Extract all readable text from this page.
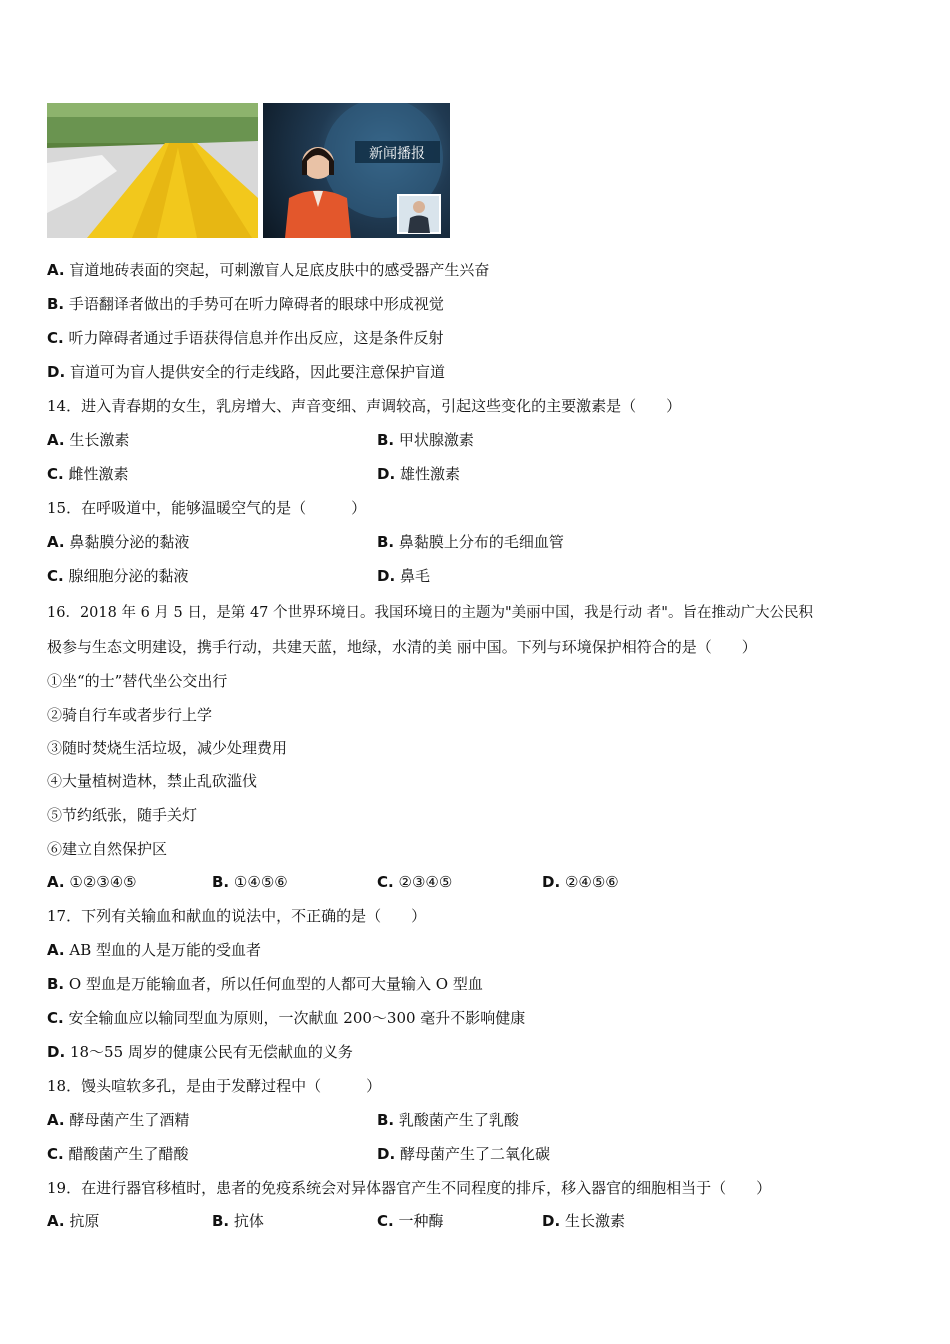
新闻播报
A. 盲道地砖表面的突起，可刺激盲人足底皮肤中的感受器产生兴奋
B. 手语翻译者做出的手势可在听力障碍者的眼球中形成视觉
C. 听力障碍者通过手语获得信息并作出反应，这是条件反射
D. 盲道可为盲人提供安全的行走线路，因此要注意保护盲道
14．进入青春期的女生，乳房增大、声音变细、声调较高，引起这些变化的主要激素是（　　）
A. 生长激素	B. 甲状腺激素
C. 雌性激素	D. 雄性激素
15．在呼吸道中，能够温暖空气的是（　　　）
A. 鼻黏膜分泌的黏液	B. 鼻黏膜上分布的毛细血管
C. 腺细胞分泌的黏液	D. 鼻毛
16．2018 年 6 月 5 日，是第 47 个世界环境日。我国环境日的主题为"美丽中国，我是行动 者"。旨在推动广大公民积
极参与生态文明建设，携手行动，共建天蓝，地绿，水清的美 丽中国。下列与环境保护相符合的是（　　）
①坐“的士”替代坐公交出行
②骑自行车或者步行上学
③随时焚烧生活垃圾，减少处理费用
④大量植树造林，禁止乱砍滥伐
⑤节约纸张，随手关灯
⑥建立自然保护区
A. ①②③④⑤	B. ①④⑤⑥	C. ②③④⑤	D. ②④⑤⑥
17．下列有关输血和献血的说法中，不正确的是（　　）
A. AB 型血的人是万能的受血者
B. O 型血是万能输血者，所以任何血型的人都可大量输入 O 型血
C. 安全输血应以输同型血为原则，一次献血 200～300 毫升不影响健康
D. 18～55 周岁的健康公民有无偿献血的义务
18．馒头喧软多孔，是由于发酵过程中（　　　）
A. 酵母菌产生了酒精	B. 乳酸菌产生了乳酸
C. 醋酸菌产生了醋酸	D. 酵母菌产生了二氧化碳
19．在进行器官移植时，患者的免疫系统会对异体器官产生不同程度的排斥，移入器官的细胞相当于（　　）
A. 抗原	B. 抗体	C. 一种酶	D. 生长激素
